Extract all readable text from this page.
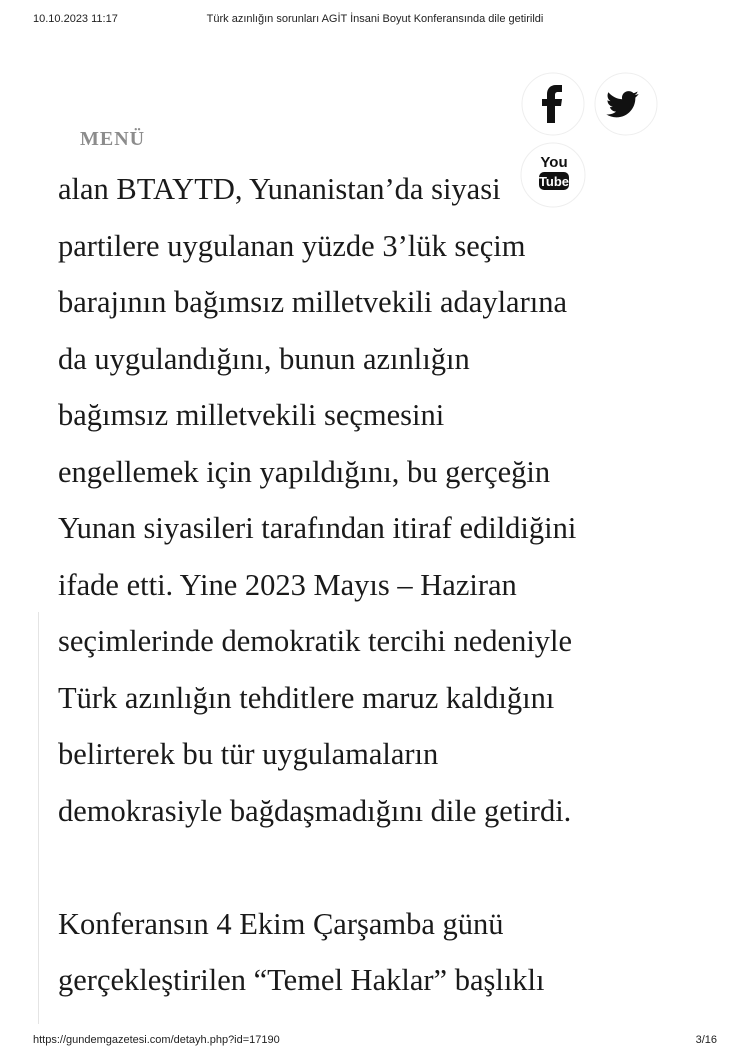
10.10.2023 11:17	Türk azınlığın sorunları AGİT İnsani Boyut Konferansında dile getirildi
alan BTAYTD, Yunanistan’da siyasi
partilere uygulanan yüzde 3’lük seçim
barajının bağımsız milletvekili adaylarına
da uygulandığını, bunun azınlığın
bağımsız milletvekili seçmesini
engellemek için yapıldığını, bu gerçeğin
Yunan siyasileri tarafından itiraf edildiğini
ifade etti. Yine 2023 Mayıs – Haziran
seçimlerinde demokratik tercihi nedeniyle
Türk azınlığın tehditlere maruz kaldığını
belirterek bu tür uygulamaların
demokrasiyle bağdaşmadığını dile getirdi.
Konferansın 4 Ekim Çarşamba günü
gerçekleştirilen “Temel Haklar” başlıklı
MENÜ
You
Tube
https://gundemgazetesi.com/detayh.php?id=17190	3/16
